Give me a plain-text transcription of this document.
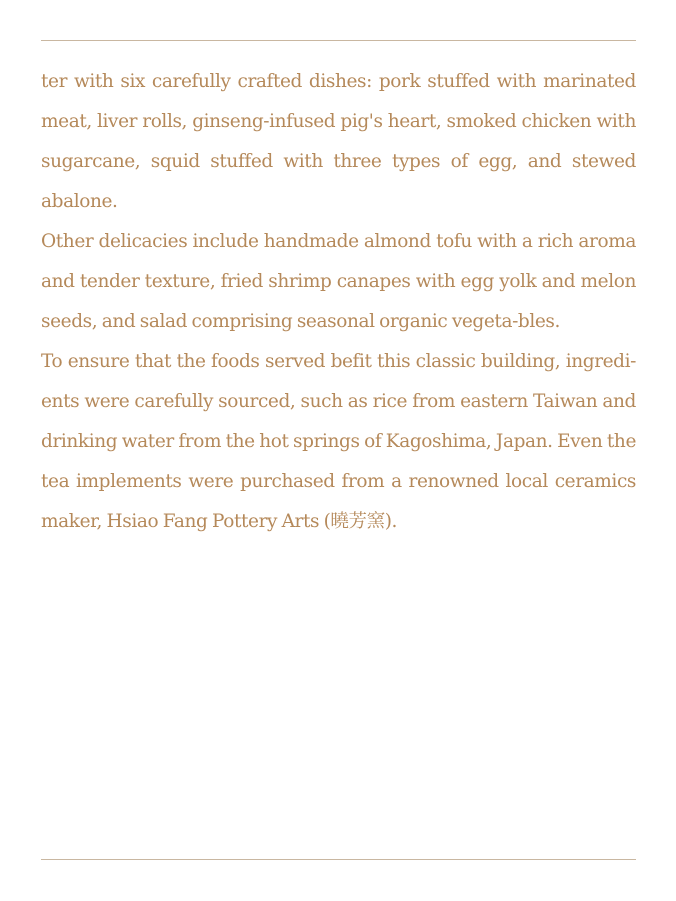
ter with six carefully crafted dishes: pork stuffed with marinated meat, liver rolls, ginseng-infused pig's heart, smoked chicken with sugarcane, squid stuffed with three types of egg, and stewed abalone.

Other delicacies include handmade almond tofu with a rich aroma and tender texture, fried shrimp canapes with egg yolk and melon seeds, and salad comprising seasonal organic vegeta-bles.

To ensure that the foods served befit this classic building, ingredi-ents were carefully sourced, such as rice from eastern Taiwan and drinking water from the hot springs of Kagoshima, Japan. Even the tea implements were purchased from a renowned local ceramics maker, Hsiao Fang Pottery Arts (曉芳窯).
